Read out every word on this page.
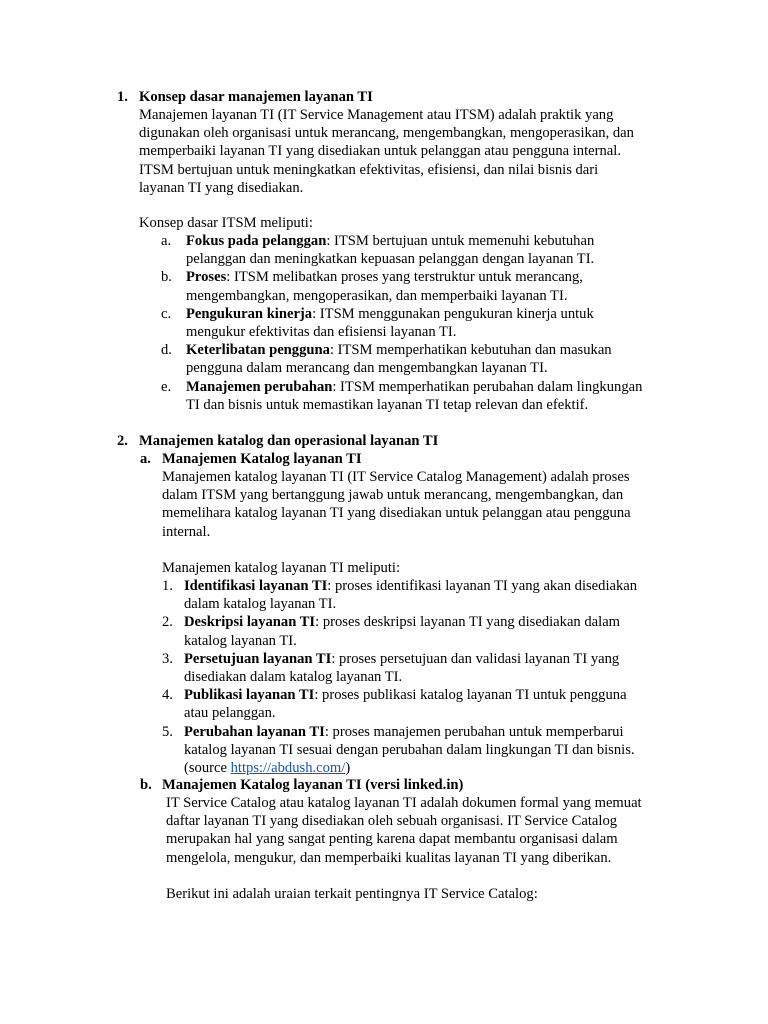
1. Konsep dasar manajemen layanan TI
Manajemen layanan TI (IT Service Management atau ITSM) adalah praktik yang
digunakan oleh organisasi untuk merancang, mengembangkan, mengoperasikan, dan
memperbaiki layanan TI yang disediakan untuk pelanggan atau pengguna internal.
ITSM bertujuan untuk meningkatkan efektivitas, efisiensi, dan nilai bisnis dari
layanan TI yang disediakan.
Konsep dasar ITSM meliputi:
a. Fokus pada pelanggan: ITSM bertujuan untuk memenuhi kebutuhan
pelanggan dan meningkatkan kepuasan pelanggan dengan layanan TI.
b. Proses: ITSM melibatkan proses yang terstruktur untuk merancang,
mengembangkan, mengoperasikan, dan memperbaiki layanan TI.
c. Pengukuran kinerja: ITSM menggunakan pengukuran kinerja untuk
mengukur efektivitas dan efisiensi layanan TI.
d. Keterlibatan pengguna: ITSM memperhatikan kebutuhan dan masukan
pengguna dalam merancang dan mengembangkan layanan TI.
e. Manajemen perubahan: ITSM memperhatikan perubahan dalam lingkungan
TI dan bisnis untuk memastikan layanan TI tetap relevan dan efektif.
2. Manajemen katalog dan operasional layanan TI
a. Manajemen Katalog layanan TI
Manajemen katalog layanan TI (IT Service Catalog Management) adalah proses
dalam ITSM yang bertanggung jawab untuk merancang, mengembangkan, dan
memelihara katalog layanan TI yang disediakan untuk pelanggan atau pengguna
internal.
Manajemen katalog layanan TI meliputi:
1. Identifikasi layanan TI: proses identifikasi layanan TI yang akan disediakan
dalam katalog layanan TI.
2. Deskripsi layanan TI: proses deskripsi layanan TI yang disediakan dalam
katalog layanan TI.
3. Persetujuan layanan TI: proses persetujuan dan validasi layanan TI yang
disediakan dalam katalog layanan TI.
4. Publikasi layanan TI: proses publikasi katalog layanan TI untuk pengguna
atau pelanggan.
5. Perubahan layanan TI: proses manajemen perubahan untuk memperbarui
katalog layanan TI sesuai dengan perubahan dalam lingkungan TI dan bisnis.
(source https://abdush.com/)
b. Manajemen Katalog layanan TI (versi linked.in)
IT Service Catalog atau katalog layanan TI adalah dokumen formal yang memuat
daftar layanan TI yang disediakan oleh sebuah organisasi. IT Service Catalog
merupakan hal yang sangat penting karena dapat membantu organisasi dalam
mengelola, mengukur, dan memperbaiki kualitas layanan TI yang diberikan.
Berikut ini adalah uraian terkait pentingnya IT Service Catalog:
